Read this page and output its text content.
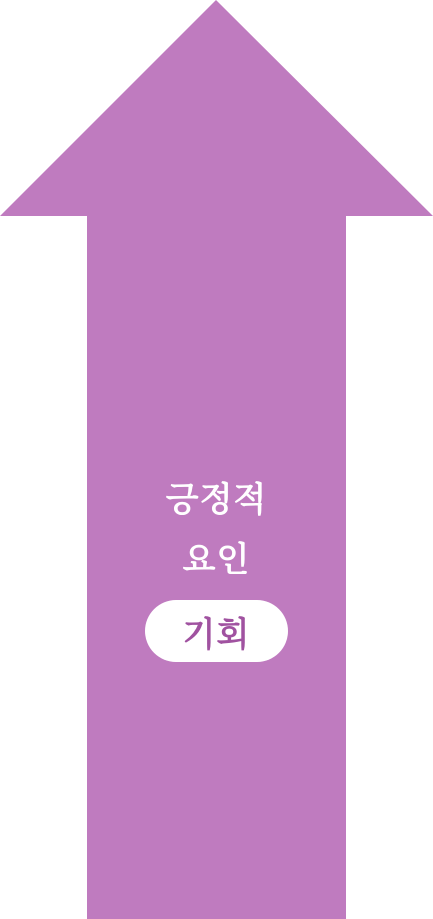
긍정적
요인
기회
